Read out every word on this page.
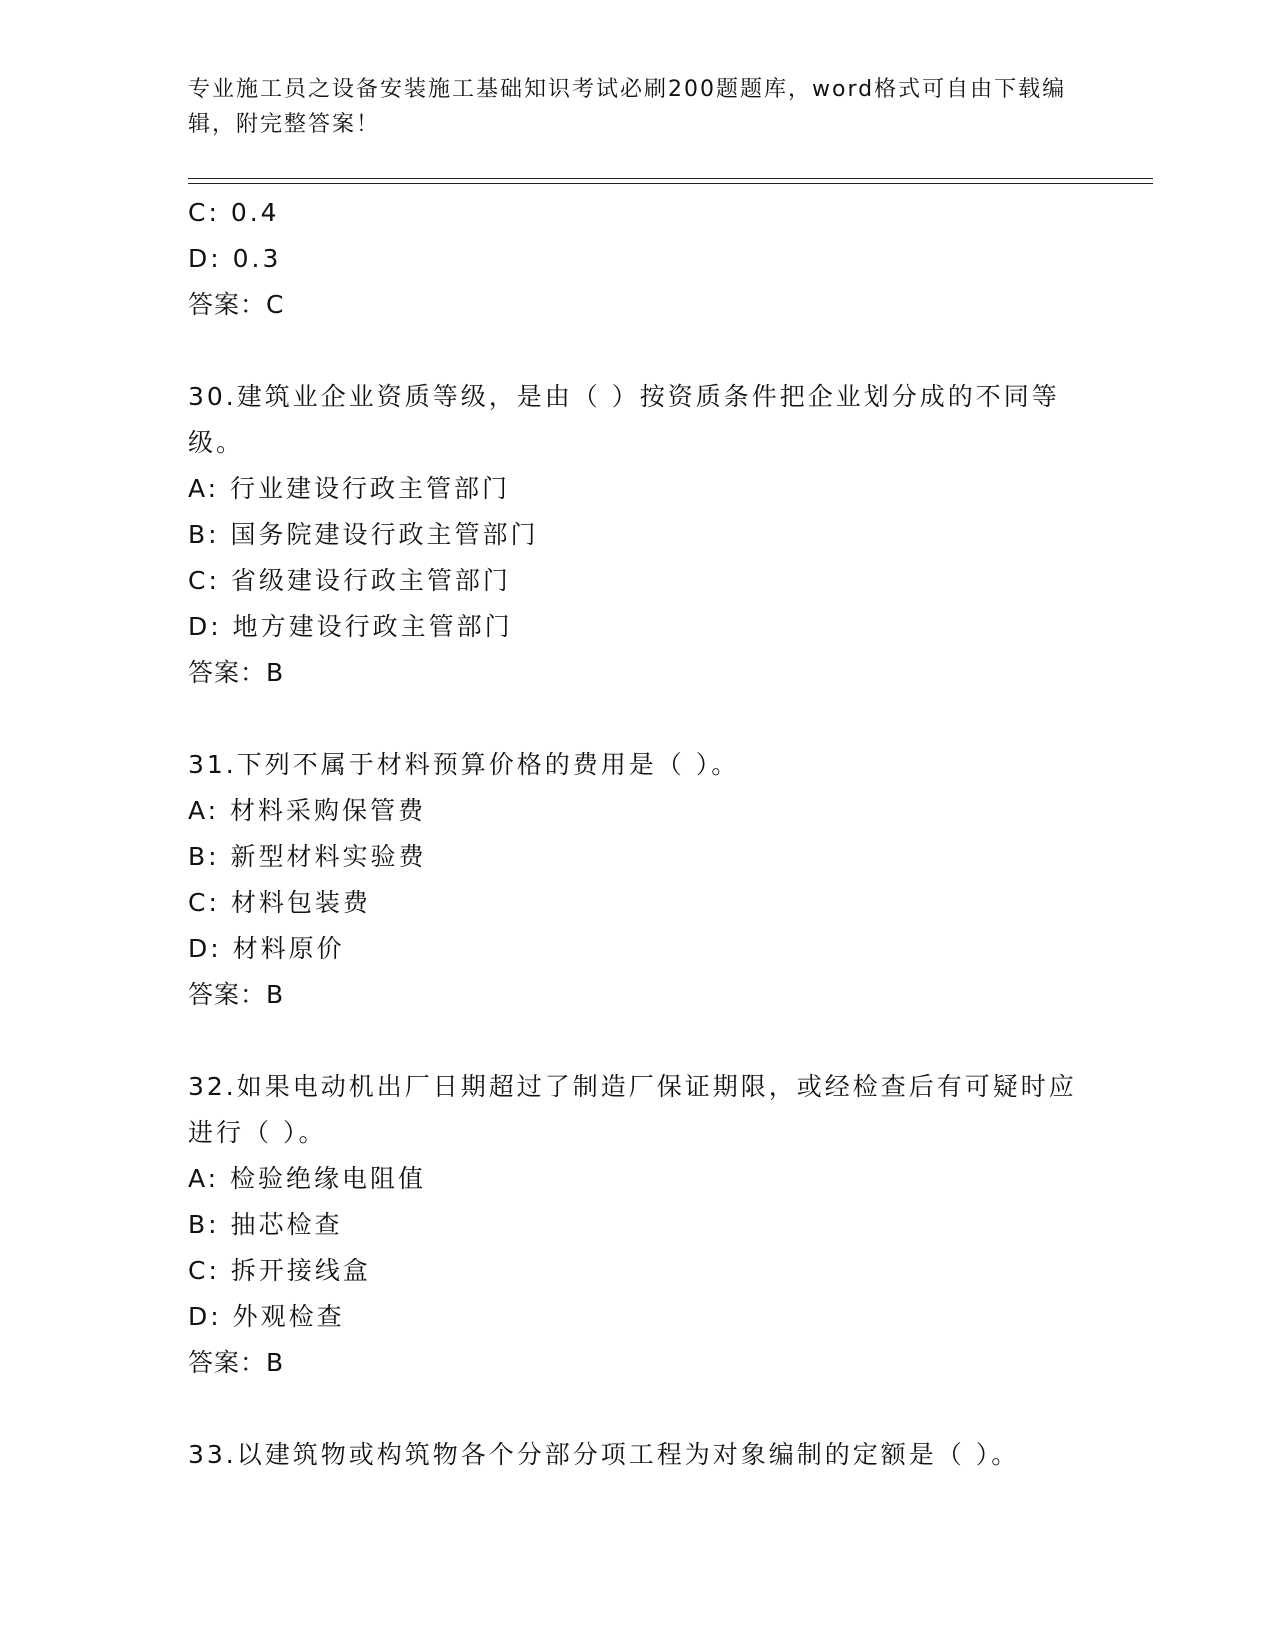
专业施工员之设备安装施工基础知识考试必刷200题题库，word格式可自由下载编辑，附完整答案！
C: 0.4
D: 0.3
答案：C
30.建筑业企业资质等级，是由（ ）按资质条件把企业划分成的不同等级。
A: 行业建设行政主管部门
B: 国务院建设行政主管部门
C: 省级建设行政主管部门
D: 地方建设行政主管部门
答案：B
31.下列不属于材料预算价格的费用是（ ）。
A: 材料采购保管费
B: 新型材料实验费
C: 材料包装费
D: 材料原价
答案：B
32.如果电动机出厂日期超过了制造厂保证期限，或经检查后有可疑时应进行（ ）。
A: 检验绝缘电阻值
B: 抽芯检查
C: 拆开接线盒
D: 外观检查
答案：B
33.以建筑物或构筑物各个分部分项工程为对象编制的定额是（ ）。
